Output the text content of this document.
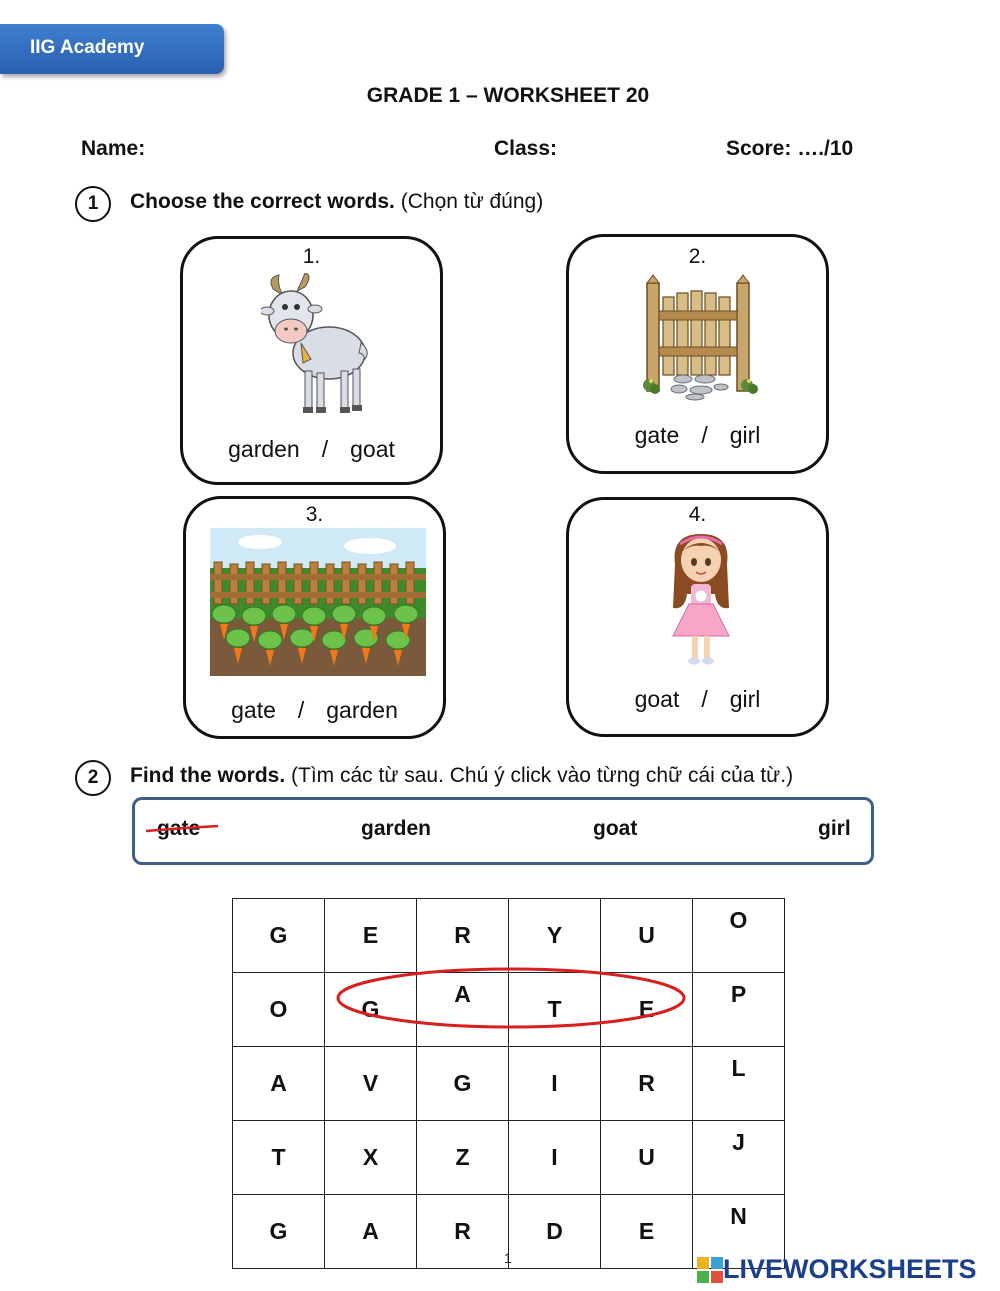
IIG Academy
GRADE 1 – WORKSHEET 20
Name:	Class:	Score: …./10
1	Choose the correct words. (Chọn từ đúng)
1.
garden / goat
2.
gate / girl
3.
gate / garden
4.
goat / girl
2	Find the words. (Tìm các từ sau. Chú ý click vào từng chữ cái của từ.)
gate	garden	goat	girl
G	E	R	Y	U	O
O	G	A	T	E	P
A	V	G	I	R	L
T	X	Z	I	U	J
G	A	R	D	E	N
1	LIVEWORKSHEETS
